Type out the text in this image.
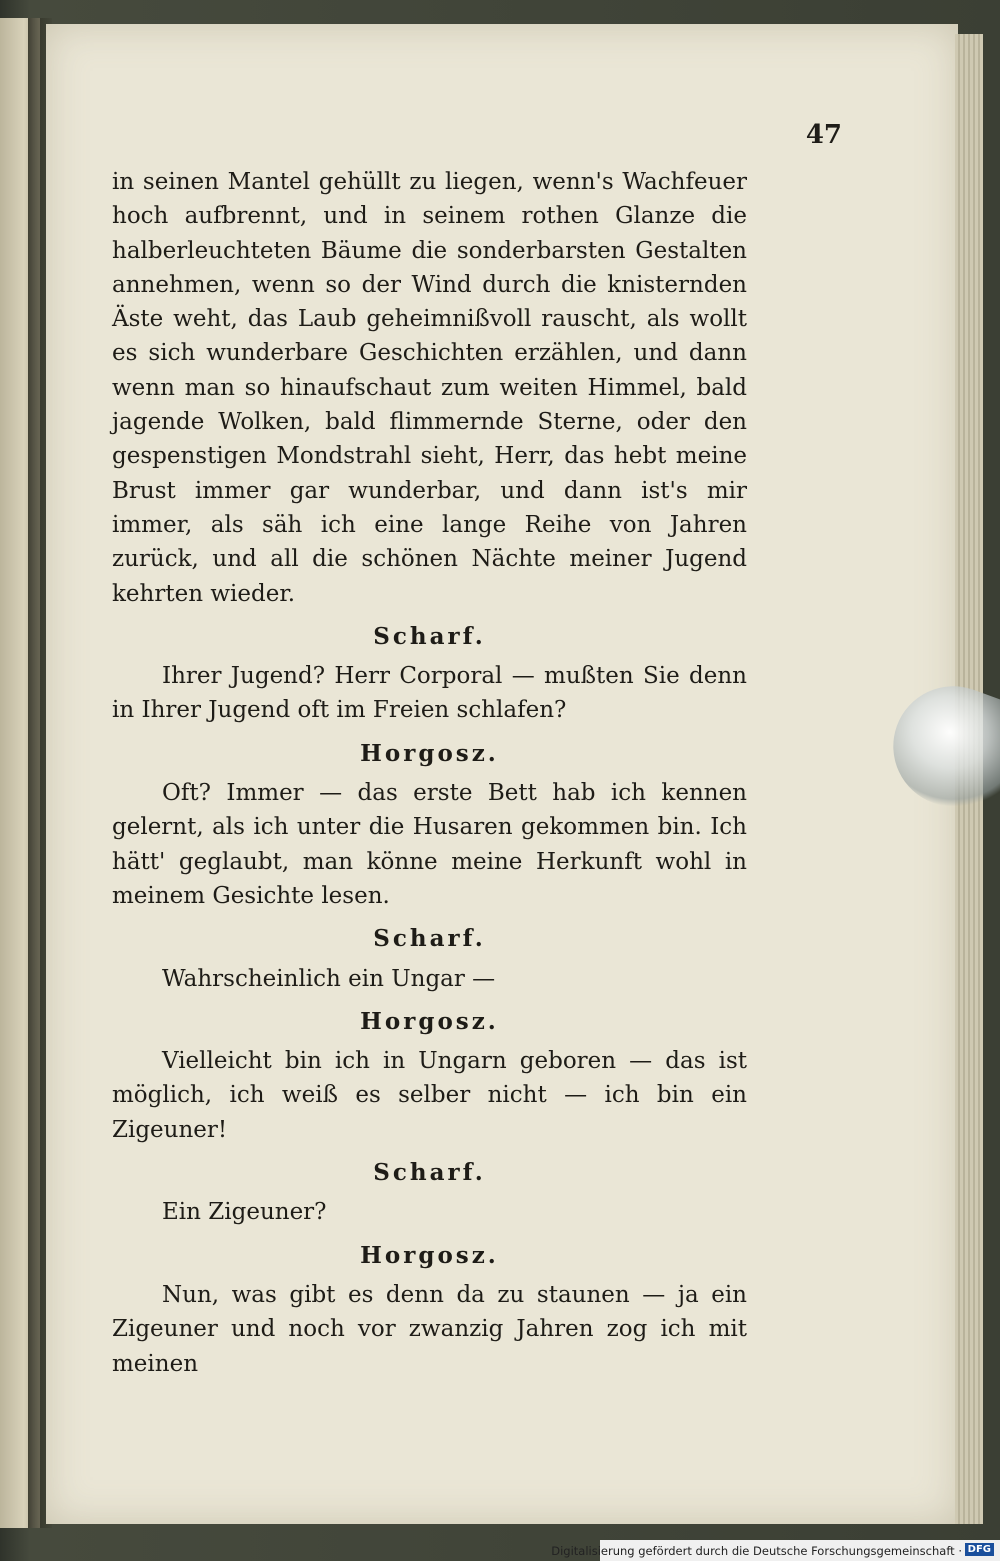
47

in seinen Mantel gehüllt zu liegen, wenn's Wachfeuer hoch aufbrennt, und in seinem rothen Glanze die halberleuchteten Bäume die sonderbarsten Gestalten annehmen, wenn so der Wind durch die knisternden Äste weht, das Laub geheimnißvoll rauscht, als wollt es sich wunderbare Geschichten erzählen, und dann wenn man so hinaufschaut zum weiten Himmel, bald jagende Wolken, bald flimmernde Sterne, oder den gespenstigen Mondstrahl sieht, Herr, das hebt meine Brust immer gar wunderbar, und dann ist's mir immer, als säh ich eine lange Reihe von Jahren zurück, und all die schönen Nächte meiner Jugend kehrten wieder.

Scharf.

Ihrer Jugend? Herr Corporal — mußten Sie denn in Ihrer Jugend oft im Freien schlafen?

Horgosz.

Oft? Immer — das erste Bett hab ich kennen gelernt, als ich unter die Husaren gekommen bin. Ich hätt' geglaubt, man könne meine Herkunft wohl in meinem Gesichte lesen.

Scharf.

Wahrscheinlich ein Ungar —

Horgosz.

Vielleicht bin ich in Ungarn geboren — das ist möglich, ich weiß es selber nicht — ich bin ein Zigeuner!

Scharf.

Ein Zigeuner?

Horgosz.

Nun, was gibt es denn da zu staunen — ja ein Zigeuner und noch vor zwanzig Jahren zog ich mit meinen

Digitalisierung gefördert durch die Deutsche Forschungsgemeinschaft · DFG
